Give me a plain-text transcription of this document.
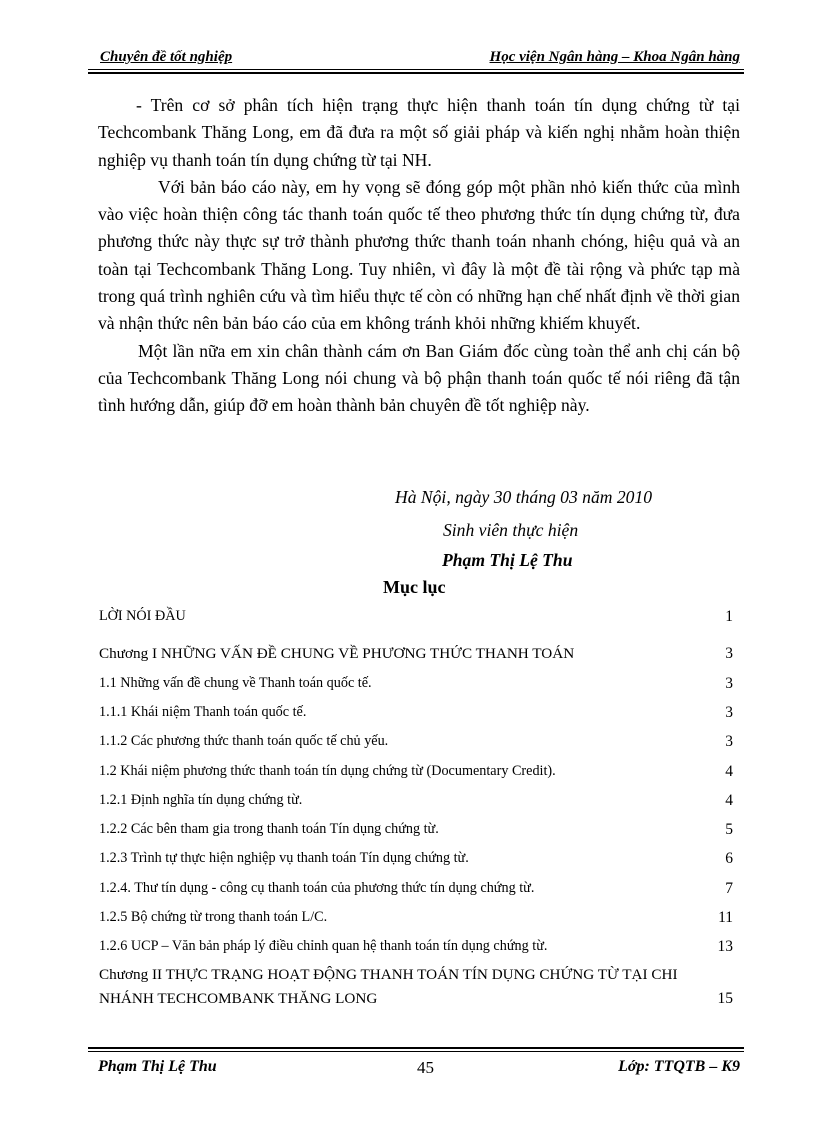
Chuyên đề tốt nghiệp	Học viện Ngân hàng – Khoa Ngân hàng

- Trên cơ sở phân tích hiện trạng thực hiện thanh toán tín dụng chứng từ tại Techcombank Thăng Long, em đã đưa ra một số giải pháp và kiến nghị nhằm hoàn thiện nghiệp vụ thanh toán tín dụng chứng từ tại NH.

Với bản báo cáo này, em hy vọng sẽ đóng góp một phần nhỏ kiến thức của mình vào việc hoàn thiện công tác thanh toán quốc tế theo phương thức tín dụng chứng từ, đưa phương thức này thực sự trở thành phương thức thanh toán nhanh chóng, hiệu quả và an toàn tại Techcombank Thăng Long. Tuy nhiên, vì đây là một đề tài rộng và phức tạp mà trong quá trình nghiên cứu và tìm hiểu thực tế còn có những hạn chế nhất định về thời gian và nhận thức nên bản báo cáo của em không tránh khỏi những khiếm khuyết.

Một lần nữa em xin chân thành cám ơn Ban Giám đốc cùng toàn thể anh chị cán bộ của Techcombank Thăng Long nói chung và bộ phận thanh toán quốc tế nói riêng đã tận tình hướng dẫn, giúp đỡ em hoàn thành bản chuyên đề tốt nghiệp này.

Hà Nội, ngày 30 tháng 03 năm 2010
Sinh viên thực hiện
Phạm Thị Lệ Thu
Mục lục
LỜI NÓI ĐẦU	1
Chương I NHỮNG VẤN ĐỀ CHUNG VỀ PHƯƠNG THỨC THANH TOÁN	3
1.1 Những vấn đề chung về Thanh toán quốc tế.	3
1.1.1 Khái niệm Thanh toán quốc tế.	3
1.1.2 Các phương thức thanh toán quốc tế chủ yếu.	3
1.2 Khái niệm phương thức thanh toán tín dụng chứng từ (Documentary Credit).	4
1.2.1 Định nghĩa tín dụng chứng từ.	4
1.2.2 Các bên tham gia trong thanh toán Tín dụng chứng từ.	5
1.2.3 Trình tự thực hiện nghiệp vụ thanh toán Tín dụng chứng từ.	6
1.2.4. Thư tín dụng - công cụ thanh toán của phương thức tín dụng chứng từ.	7
1.2.5 Bộ chứng từ trong thanh toán L/C.	11
1.2.6 UCP – Văn bản pháp lý điều chỉnh quan hệ thanh toán tín dụng chứng từ.	13
Chương II THỰC TRẠNG HOẠT ĐỘNG THANH TOÁN TÍN DỤNG CHỨNG TỪ TẠI CHI
NHÁNH TECHCOMBANK THĂNG LONG	15
Phạm Thị Lệ Thu	45	Lớp: TTQTB – K9
